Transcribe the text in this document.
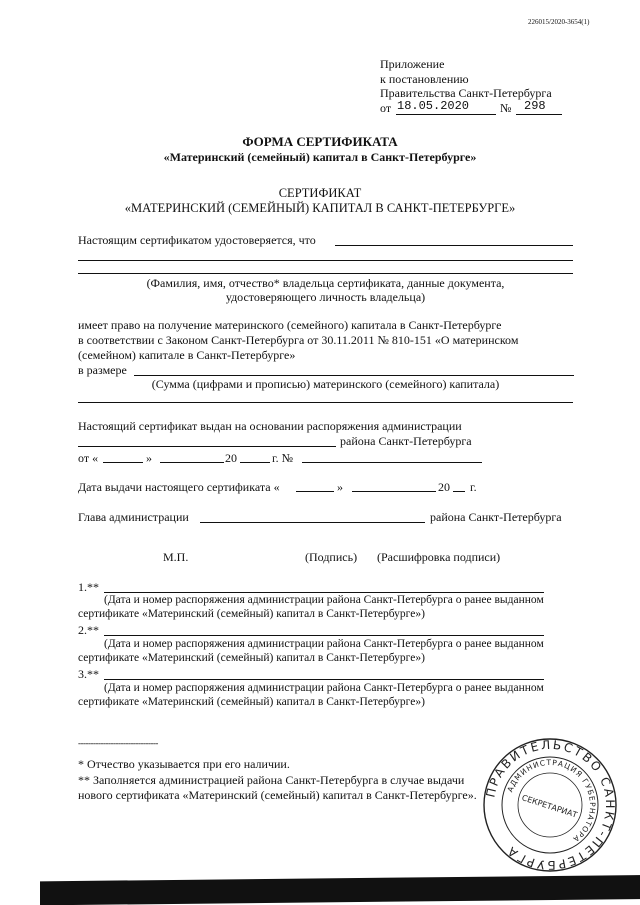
226015/2020-3654(1)
Приложение
к постановлению
Правительства Санкт-Петербурга
от 18.05.2020	№ 298
ФОРМА СЕРТИФИКАТА
«Материнский (семейный) капитал в Санкт-Петербурге»
СЕРТИФИКАТ
«МАТЕРИНСКИЙ (СЕМЕЙНЫЙ) КАПИТАЛ В САНКТ-ПЕТЕРБУРГЕ»
Настоящим сертификатом удостоверяется, что
(Фамилия, имя, отчество* владельца сертификата, данные документа,
удостоверяющего личность владельца)
имеет право на получение материнского (семейного) капитала в Санкт-Петербурге
в соответствии с Законом Санкт-Петербурга от 30.11.2011 № 810-151 «О материнском
(семейном) капитале в Санкт-Петербурге»
в размере
(Сумма (цифрами и прописью) материнского (семейного) капитала)
Настоящий сертификат выдан на основании распоряжения администрации
района Санкт-Петербурга
от «	»	20	г. №
Дата выдачи настоящего сертификата «	»	20 г.
Глава администрации	района Санкт-Петербурга
М.П.	(Подпись) (Расшифровка подписи)
1.**
(Дата и номер распоряжения администрации района Санкт-Петербурга о ранее выданном
сертификате «Материнский (семейный) капитал в Санкт-Петербурге»)
2.**
(Дата и номер распоряжения администрации района Санкт-Петербурга о ранее выданном
сертификате «Материнский (семейный) капитал в Санкт-Петербурге»)
3.**
(Дата и номер распоряжения администрации района Санкт-Петербурга о ранее выданном
сертификате «Материнский (семейный) капитал в Санкт-Петербурге»)
--------------------------------
* Отчество указывается при его наличии.
** Заполняется администрацией района Санкт-Петербурга в случае выдачи
нового сертификата «Материнский (семейный) капитал в Санкт-Петербурге». ПРАВИТЕЛЬСТВО САНКТ-ПЕТЕРБУРГА
АДМИНИСТРАЦИЯ ГУБЕРНАТОРА
СЕКРЕТАРИАТ
